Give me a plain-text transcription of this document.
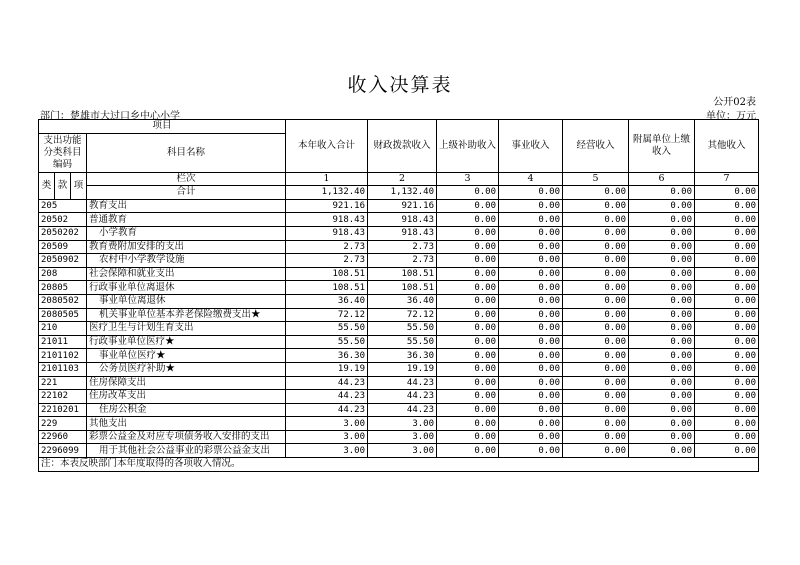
收入决算表
公开02表
部门：楚雄市大过口乡中心小学	单位：万元
项目				本年收入合计	财政拨款收入	上级补助收入	事业收入	经营收入	附属单位上缴收入	其他收入
支出功能分类科目编码			科目名称							
类	款	项								
			栏次	1	2	3	4	5	6	7
			合计	1,132.40	1,132.40	0.00	0.00	0.00	0.00	0.00
205			教育支出	921.16	921.16	0.00	0.00	0.00	0.00	0.00
20502			普通教育	918.43	918.43	0.00	0.00	0.00	0.00	0.00
2050202			小学教育	918.43	918.43	0.00	0.00	0.00	0.00	0.00
20509			教育费附加安排的支出	2.73	2.73	0.00	0.00	0.00	0.00	0.00
2050902			农村中小学教学设施	2.73	2.73	0.00	0.00	0.00	0.00	0.00
208			社会保障和就业支出	108.51	108.51	0.00	0.00	0.00	0.00	0.00
20805			行政事业单位离退休	108.51	108.51	0.00	0.00	0.00	0.00	0.00
2080502			事业单位离退休	36.40	36.40	0.00	0.00	0.00	0.00	0.00
2080505			机关事业单位基本养老保险缴费支出★	72.12	72.12	0.00	0.00	0.00	0.00	0.00
210			医疗卫生与计划生育支出	55.50	55.50	0.00	0.00	0.00	0.00	0.00
21011			行政事业单位医疗★	55.50	55.50	0.00	0.00	0.00	0.00	0.00
2101102			事业单位医疗★	36.30	36.30	0.00	0.00	0.00	0.00	0.00
2101103			公务员医疗补助★	19.19	19.19	0.00	0.00	0.00	0.00	0.00
221			住房保障支出	44.23	44.23	0.00	0.00	0.00	0.00	0.00
22102			住房改革支出	44.23	44.23	0.00	0.00	0.00	0.00	0.00
2210201			住房公积金	44.23	44.23	0.00	0.00	0.00	0.00	0.00
229			其他支出	3.00	3.00	0.00	0.00	0.00	0.00	0.00
22960			彩票公益金及对应专项债务收入安排的支出	3.00	3.00	0.00	0.00	0.00	0.00	0.00
2296099			用于其他社会公益事业的彩票公益金支出	3.00	3.00	0.00	0.00	0.00	0.00	0.00
注：本表反映部门本年度取得的各项收入情况。										
